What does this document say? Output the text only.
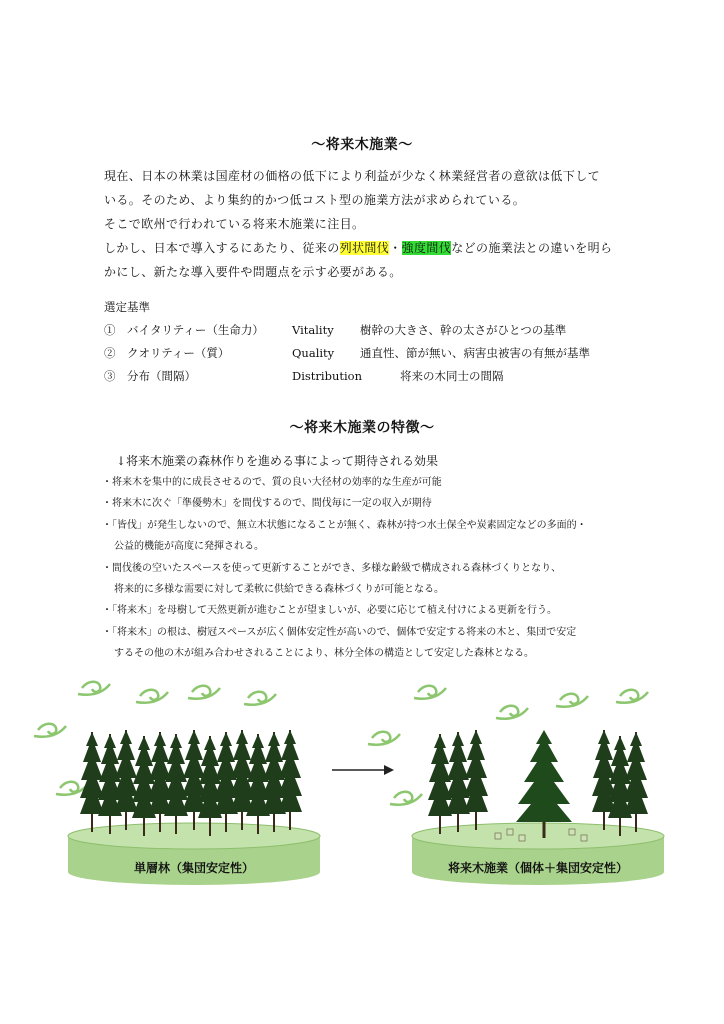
～将来木施業～

現在、日本の林業は国産材の価格の低下により利益が少なく林業経営者の意欲は低下して

いる。そのため、より集約的かつ低コスト型の施業方法が求められている。

そこで欧州で行われている将来木施業に注目。

しかし、日本で導入するにあたり、従来の列状間伐・強度間伐などの施業法との違いを明ら

かにし、新たな導入要件や問題点を示す必要がある。

選定基準
①　バイタリティー（生命力） Vitality 樹幹の大きさ、幹の太さがひとつの基準
②　クオリティー（質）	Quality 通直性、節が無い、病害虫被害の有無が基準
③　分布（間隔）	Distribution	将来の木同士の間隔
～将来木施業の特徴～

↓将来木施業の森林作りを進める事によって期待される効果

・将来木を集中的に成長させるので、質の良い大径材の効率的な生産が可能

・将来木に次ぐ「準優勢木」を間伐するので、間伐毎に一定の収入が期待

・「皆伐」が発生しないので、無立木状態になることが無く、森林が持つ水土保全や炭素固定などの多面的・

公益的機能が高度に発揮される。

・間伐後の空いたスペースを使って更新することができ、多様な齢級で構成される森林づくりとなり、

将来的に多様な需要に対して柔軟に供給できる森林づくりが可能となる。

・「将来木」を母樹して天然更新が進むことが望ましいが、必要に応じて植え付けによる更新を行う。

・「将来木」の根は、樹冠スペースが広く個体安定性が高いので、個体で安定する将来の木と、集団で安定

するその他の木が組み合わせされることにより、林分全体の構造として安定した森林となる。

単層林（集団安定性）	将来木施業（個体＋集団安定性）
